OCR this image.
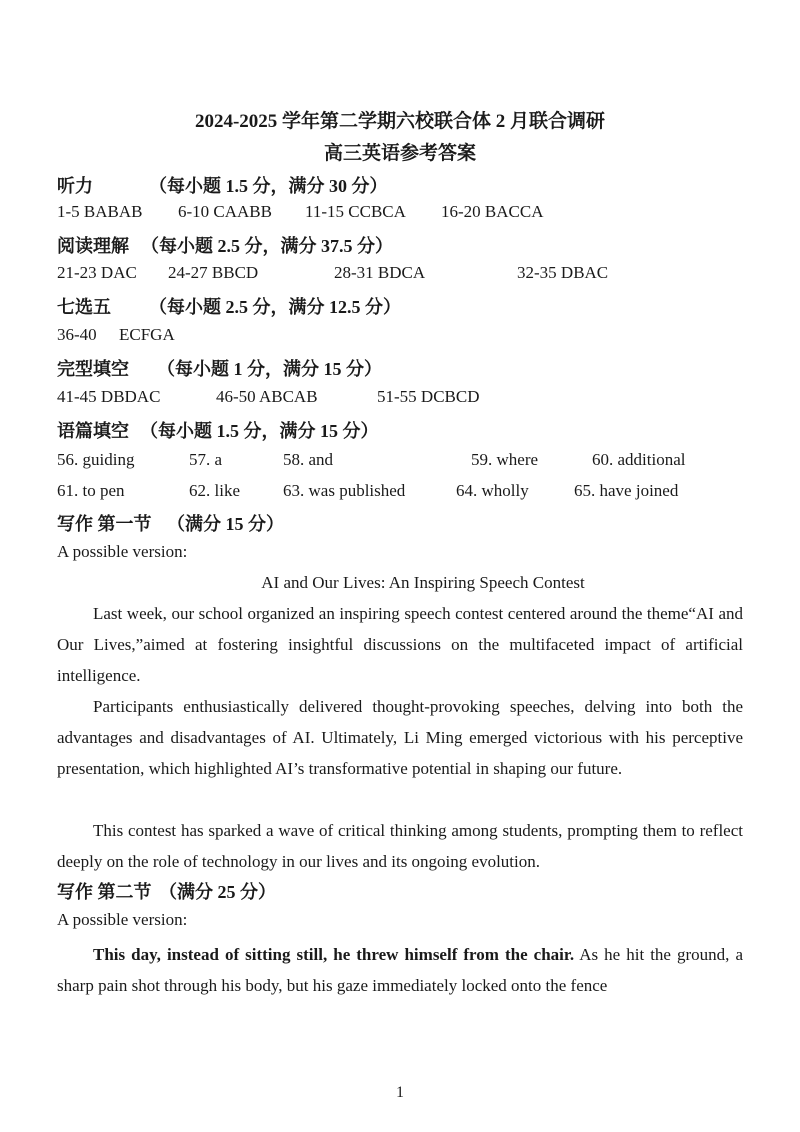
2024-2025 学年第二学期六校联合体 2 月联合调研
高三英语参考答案
听力	（每小题 1.5 分，满分 30 分）
1-5 BABAB 6-10 CAABB 11-15 CCBCA 16-20 BACCA
阅读理解 （每小题 2.5 分，满分 37.5 分）
21-23 DAC 24-27 BBCD	28-31 BDCA	32-35 DBAC
七选五 （每小题 2.5 分，满分 12.5 分）
36-40 ECFGA
完型填空 （每小题 1 分，满分 15 分）
41-45 DBDAC	46-50 ABCAB	51-55 DCBCD
语篇填空 （每小题 1.5 分，满分 15 分）
56. guiding	57. a	58. and	59. where	60. additional
61. to pen	62. like	63. was published	64. wholly	65. have joined
写作 第一节 （满分 15 分）
A possible version:
AI and Our Lives: An Inspiring Speech Contest

Last week, our school organized an inspiring speech contest centered around the theme“AI and Our Lives,”aimed at fostering insightful discussions on the multifaceted impact of artificial intelligence.

Participants enthusiastically delivered thought-provoking speeches, delving into both the advantages and disadvantages of AI. Ultimately, Li Ming emerged victorious with his perceptive presentation, which highlighted AI’s transformative potential in shaping our future.

This contest has sparked a wave of critical thinking among students, prompting them to reflect deeply on the role of technology in our lives and its ongoing evolution.

写作 第二节 （满分 25 分）
A possible version:

This day, instead of sitting still, he threw himself from the chair. As he hit the ground, a sharp pain shot through his body, but his gaze immediately locked onto the fence

1
